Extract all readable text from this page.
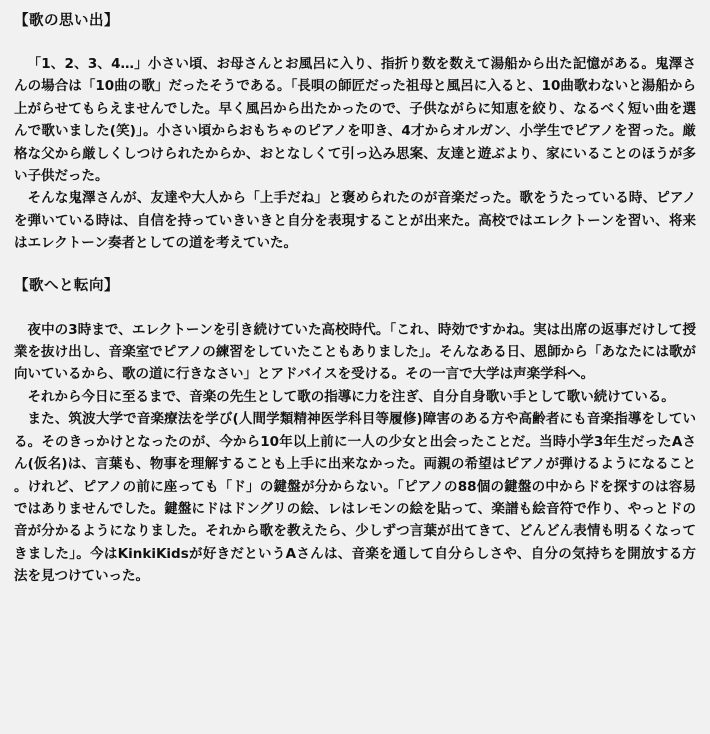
【歌の思い出】

「1、2、3、4…」小さい頃、お母さんとお風呂に入り、指折り数を数えて湯船から出た記憶がある。鬼澤さんの場合は「10曲の歌」だったそうである。「長唄の師匠だった祖母と風呂に入ると、10曲歌わないと湯船から上がらせてもらえませんでした。早く風呂から出たかったので、子供ながらに知恵を絞り、なるべく短い曲を選んで歌いました(笑)」。小さい頃からおもちゃのピアノを叩き、4才からオルガン、小学生でピアノを習った。厳格な父から厳しくしつけられたからか、おとなしくて引っ込み思案、友達と遊ぶより、家にいることのほうが多い子供だった。

そんな鬼澤さんが、友達や大人から「上手だね」と褒められたのが音楽だった。歌をうたっている時、ピアノを弾いている時は、自信を持っていきいきと自分を表現することが出来た。高校ではエレクトーンを習い、将来はエレクトーン奏者としての道を考えていた。

【歌へと転向】

夜中の3時まで、エレクトーンを引き続けていた高校時代。「これ、時効ですかね。実は出席の返事だけして授業を抜け出し、音楽室でピアノの練習をしていたこともありました」。そんなある日、恩師から「あなたには歌が向いているから、歌の道に行きなさい」とアドバイスを受ける。その一言で大学は声楽学科へ。

それから今日に至るまで、音楽の先生として歌の指導に力を注ぎ、自分自身歌い手として歌い続けている。

また、筑波大学で音楽療法を学び(人間学類精神医学科目等履修)障害のある方や高齢者にも音楽指導をしている。そのきっかけとなったのが、今から10年以上前に一人の少女と出会ったことだ。当時小学3年生だったAさん(仮名)は、言葉も、物事を理解することも上手に出来なかった。両親の希望はピアノが弾けるようになること。けれど、ピアノの前に座っても「ド」の鍵盤が分からない。「ピアノの88個の鍵盤の中からドを探すのは容易ではありませんでした。鍵盤にドはドングリの絵、レはレモンの絵を貼って、楽譜も絵音符で作り、やっとドの音が分かるようになりました。それから歌を教えたら、少しずつ言葉が出てきて、どんどん表情も明るくなってきました」。今はKinkiKidsが好きだというAさんは、音楽を通して自分らしさや、自分の気持ちを開放する方法を見つけていった。
